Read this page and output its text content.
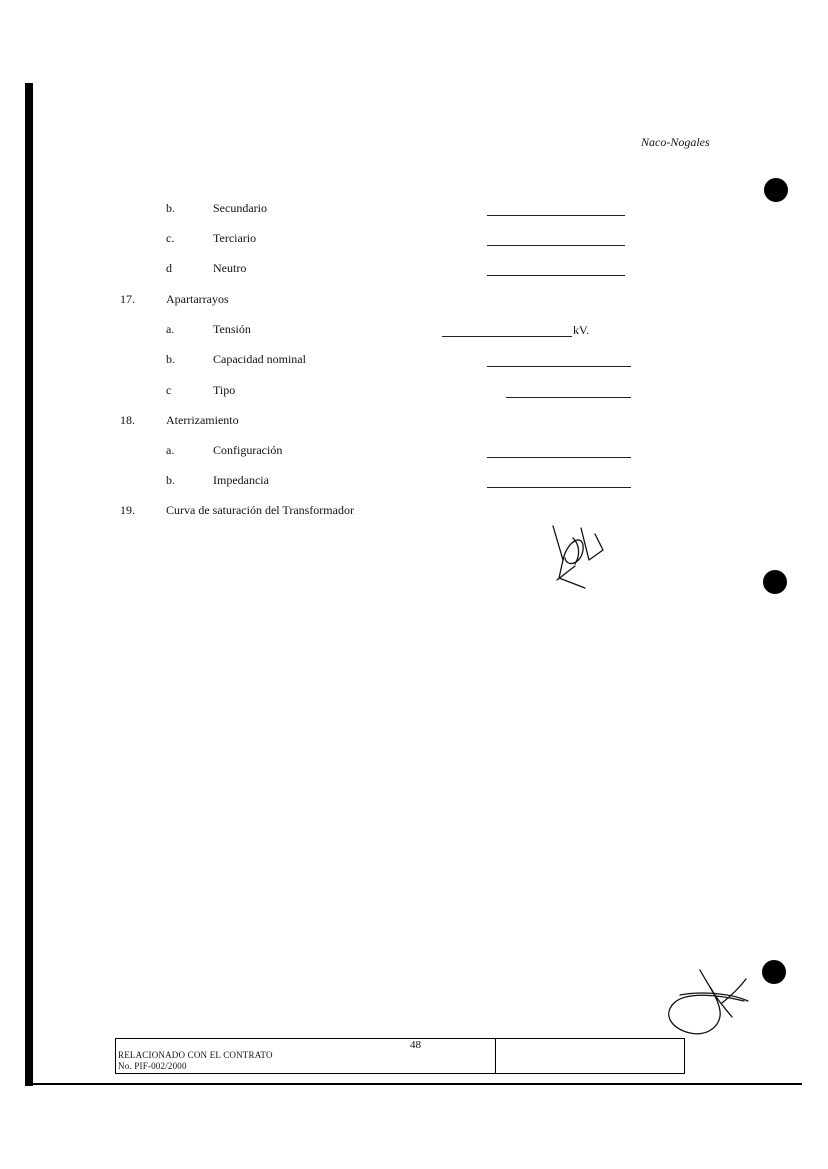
Naco-Nogales
b.	Secundario
c.	Terciario
d	Neutro
17.	Apartarrayos
a.	Tensión	kV.
b.	Capacidad nominal
c	Tipo
18.	Aterrizamiento
a.	Configuración
b.	Impedancia
19.	Curva de saturación del Transformador
48
RELACIONADO CON EL CONTRATO
No. PIF-002/2000
